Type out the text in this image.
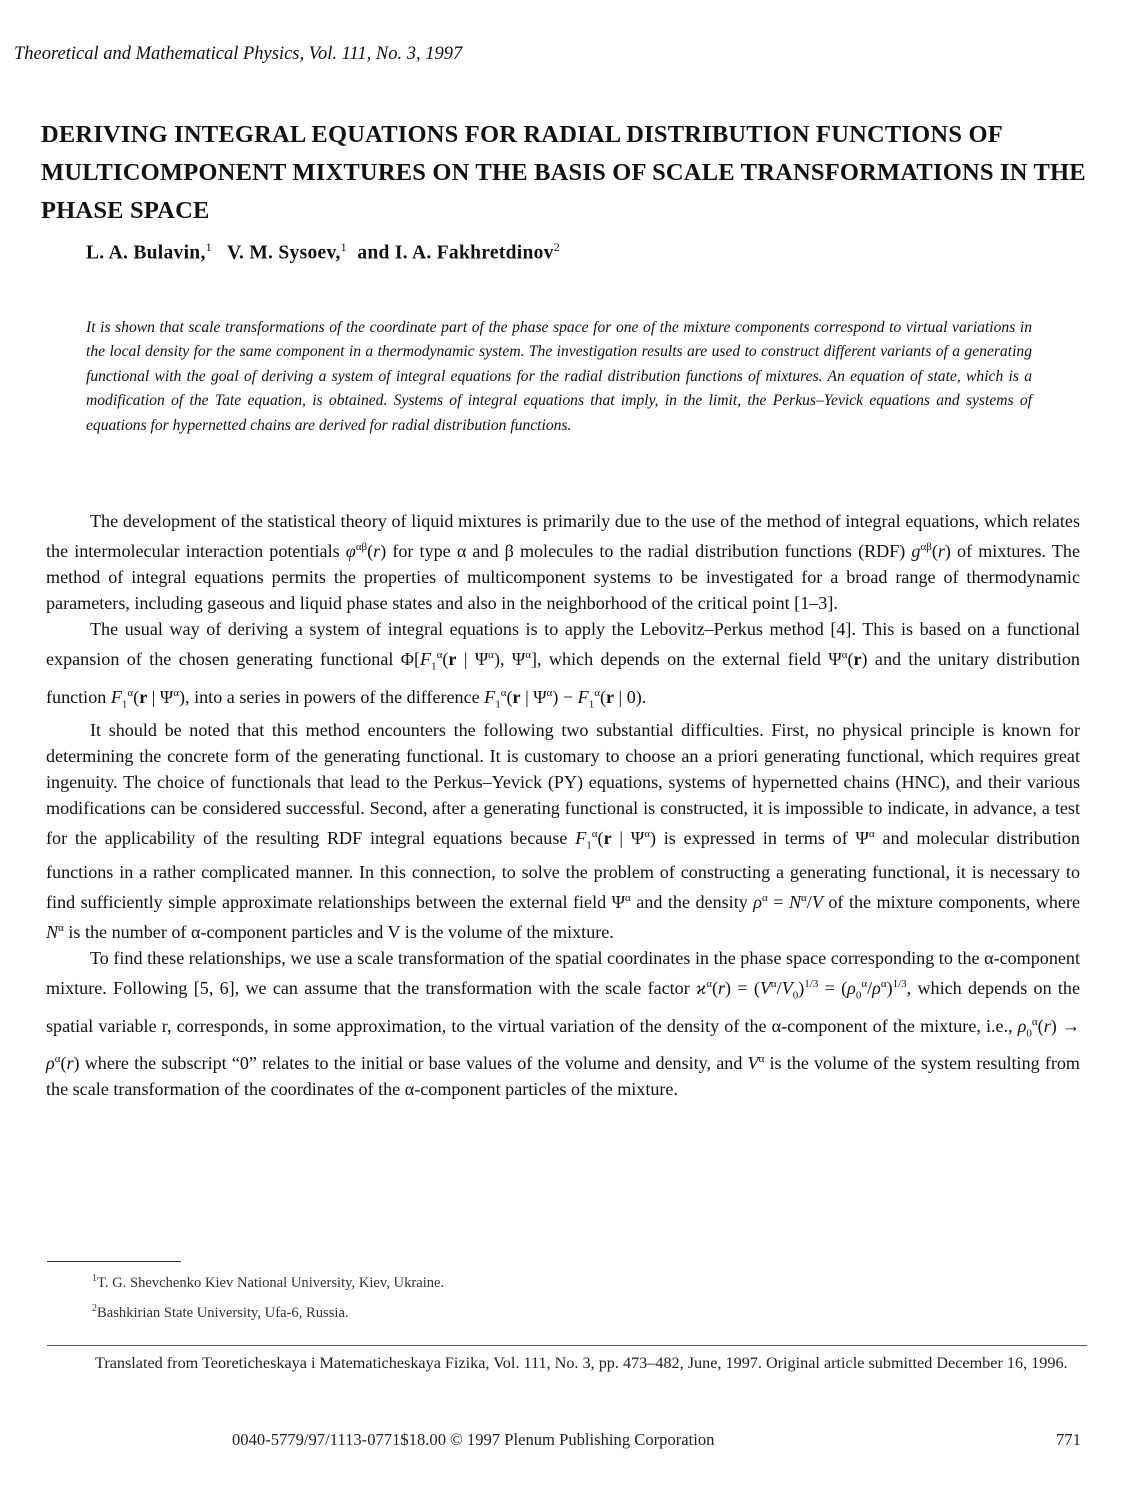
Theoretical and Mathematical Physics, Vol. 111, No. 3, 1997
DERIVING INTEGRAL EQUATIONS FOR RADIAL DISTRIBUTION FUNCTIONS OF MULTICOMPONENT MIXTURES ON THE BASIS OF SCALE TRANSFORMATIONS IN THE PHASE SPACE
L. A. Bulavin,$^1$ V. M. Sysoev,$^1$ and I. A. Fakhretdinov$^2$
It is shown that scale transformations of the coordinate part of the phase space for one of the mixture components correspond to virtual variations in the local density for the same component in a thermodynamic system. The investigation results are used to construct different variants of a generating functional with the goal of deriving a system of integral equations for the radial distribution functions of mixtures. An equation of state, which is a modification of the Tate equation, is obtained. Systems of integral equations that imply, in the limit, the Perkus–Yevick equations and systems of equations for hypernetted chains are derived for radial distribution functions.

The development of the statistical theory of liquid mixtures is primarily due to the use of the method of integral equations, which relates the intermolecular interaction potentials $\varphi^{\alpha\beta}(r)$ for type α and β molecules to the radial distribution functions (RDF) $g^{\alpha\beta}(r)$ of mixtures. The method of integral equations permits the properties of multicomponent systems to be investigated for a broad range of thermodynamic parameters, including gaseous and liquid phase states and also in the neighborhood of the critical point [1–3].

The usual way of deriving a system of integral equations is to apply the Lebovitz–Perkus method [4]. This is based on a functional expansion of the chosen generating functional $\Phi[F_1^\alpha(r$ | $\Psi^\alpha$), $\Psi^\alpha$], which depends on the external field $\Psi^\alpha(r)$ and the unitary distribution function $F_1^\alpha(r$ | $\Psi^\alpha$), into a series in powers of the difference $F_1^\alpha(r$ | $\Psi^\alpha) - F_1^\alpha(r$ | 0).

It should be noted that this method encounters the following two substantial difficulties. First, no physical principle is known for determining the concrete form of the generating functional. It is customary to choose an a priori generating functional, which requires great ingenuity. The choice of functionals that lead to the Perkus–Yevick (PY) equations, systems of hypernetted chains (HNC), and their various modifications can be considered successful. Second, after a generating functional is constructed, it is impossible to indicate, in advance, a test for the applicability of the resulting RDF integral equations because $F_1^\alpha(r$ | $\Psi^\alpha$) is expressed in terms of $\Psi^\alpha$ and molecular distribution functions in a rather complicated manner. In this connection, to solve the problem of constructing a generating functional, it is necessary to find sufficiently simple approximate relationships between the external field $\Psi^\alpha$ and the density $\rho^\alpha = N^\alpha/V$ of the mixture components, where $N^\alpha$ is the number of α-component particles and V is the volume of the mixture.

To find these relationships, we use a scale transformation of the spatial coordinates in the phase space corresponding to the α-component mixture. Following [5, 6], we can assume that the transformation with the scale factor $ϰ^\alpha(r) = (V^\alpha/V_0)^{1/3} = (\rho_0^\alpha/\rho^\alpha)^{1/3}$, which depends on the spatial variable r, corresponds, in some approximation, to the virtual variation of the density of the α-component of the mixture, i.e., $\rho_0^\alpha(r) \to \rho^\alpha(r)$ where the subscript “0” relates to the initial or base values of the volume and density, and $V^\alpha$ is the volume of the system resulting from the scale transformation of the coordinates of the α-component particles of the mixture.

$^1$T. G. Shevchenko Kiev National University, Kiev, Ukraine.
$^2$Bashkirian State University, Ufa-6, Russia.
Translated from Teoreticheskaya i Matematicheskaya Fizika, Vol. 111, No. 3, pp. 473–482, June, 1997. Original article submitted December 16, 1996.
0040-5779/97/1113-0771$18.00 © 1997 Plenum Publishing Corporation	771
